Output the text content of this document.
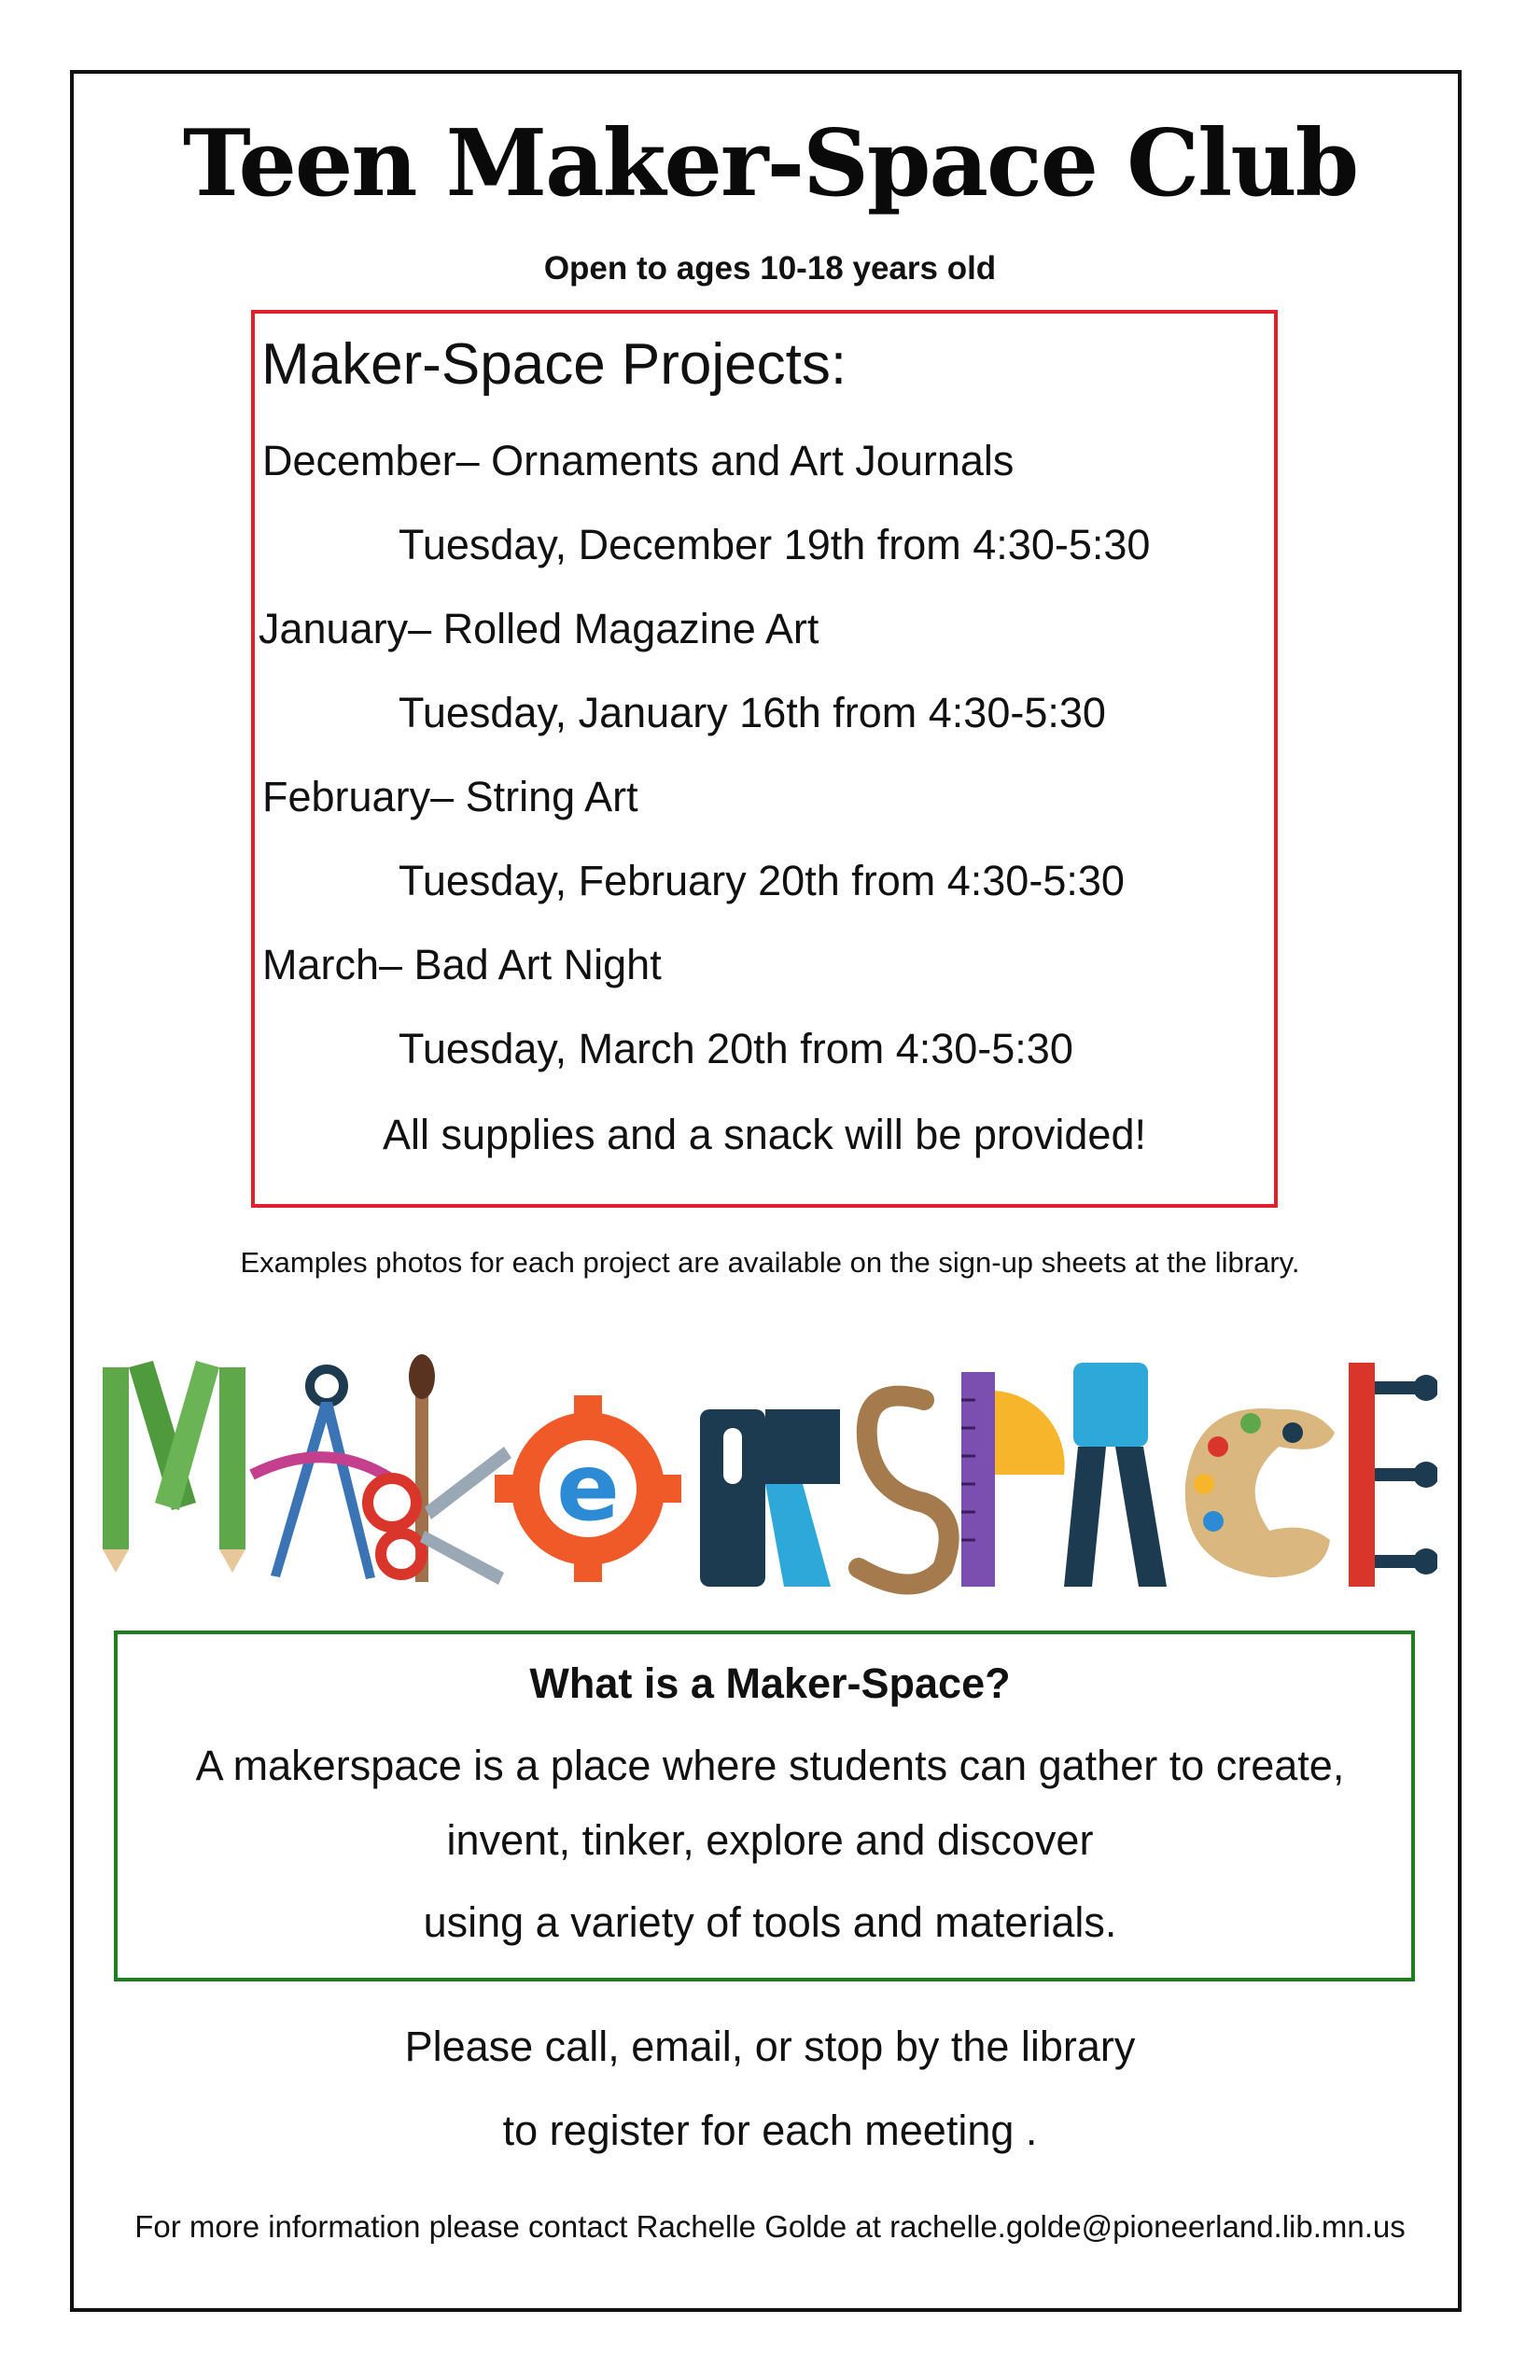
Teen Maker-Space Club
Open to ages 10-18 years old
Maker-Space Projects:
December– Ornaments and Art Journals
Tuesday, December 19th from 4:30-5:30
January– Rolled Magazine Art
Tuesday, January 16th from 4:30-5:30
February– String Art
Tuesday, February 20th from 4:30-5:30
March– Bad Art Night
Tuesday, March 20th from 4:30-5:30
All supplies and a snack will be provided!
Examples photos for each project are available on the sign-up sheets at the library.
e
What is a Maker-Space?
A makerspace is a place where students can gather to create,
invent, tinker, explore and discover
using a variety of tools and materials.
Please call, email, or stop by the library
to register for each meeting .
For more information please contact Rachelle Golde at rachelle.golde@pioneerland.lib.mn.us
